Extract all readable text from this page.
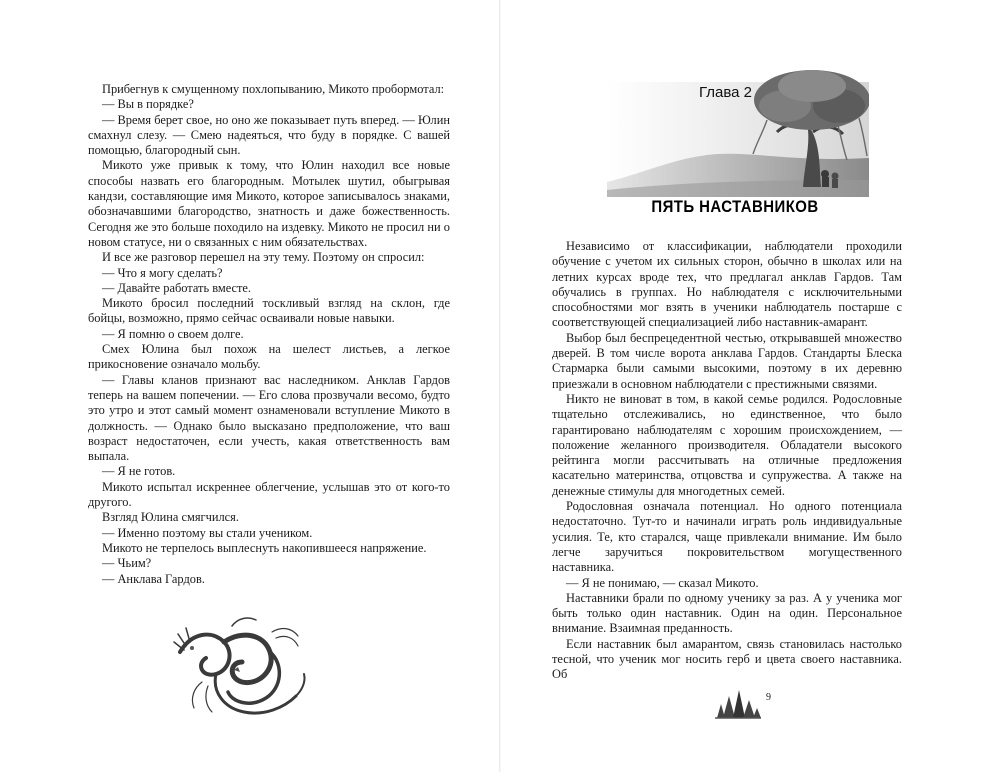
Прибегнув к смущенному похлопыванию, Микото пробормотал:

— Вы в порядке?

— Время берет свое, но оно же показывает путь вперед. — Юлин смахнул слезу. — Смею надеяться, что буду в порядке. С вашей помощью, благородный сын.

Микото уже привык к тому, что Юлин находил все новые способы назвать его благородным. Мотылек шутил, обыгрывая кандзи, составляющие имя Микото, которое записывалось знаками, обозначавшими благородство, знатность и даже божественность. Сегодня же это больше походило на издевку. Микото не просил ни о новом статусе, ни о связанных с ним обязательствах.

И все же разговор перешел на эту тему. Поэтому он спросил:

— Что я могу сделать?

— Давайте работать вместе.

Микото бросил последний тоскливый взгляд на склон, где бойцы, возможно, прямо сейчас осваивали новые навыки.

— Я помню о своем долге.

Смех Юлина был похож на шелест листьев, а легкое прикосновение означало мольбу.

— Главы кланов признают вас наследником. Анклав Гардов теперь на вашем попечении. — Его слова прозвучали весомо, будто это утро и этот самый момент ознаменовали вступление Микото в должность. — Однако было высказано предположение, что ваш возраст недостаточен, если учесть, какая ответственность вам выпала.

— Я не готов.

Микото испытал искреннее облегчение, услышав это от кого-то другого.

Взгляд Юлина смягчился.

— Именно поэтому вы стали учеником.

Микото не терпелось выплеснуть накопившееся напряжение.

— Чьим?

— Анклава Гардов.

Глава 2
ПЯТЬ НАСТАВНИКОВ

Независимо от классификации, наблюдатели проходили обучение с учетом их сильных сторон, обычно в школах или на летних курсах вроде тех, что предлагал анклав Гардов. Там обучались в группах. Но наблюдателя с исключительными способностями мог взять в ученики наблюдатель постарше с соответствующей специализацией либо наставник-амарант.

Выбор был беспрецедентной честью, открывавшей множество дверей. В том числе ворота анклава Гардов. Стандарты Блеска Стармарка были самыми высокими, поэтому в их деревню приезжали в основном наблюдатели с престижными связями.

Никто не виноват в том, в какой семье родился. Родословные тщательно отслеживались, но единственное, что было гарантировано наблюдателям с хорошим происхождением, — положение желанного производителя. Обладатели высокого рейтинга могли рассчитывать на отличные предложения касательно материнства, отцовства и супружества. А также на денежные стимулы для многодетных семей.

Родословная означала потенциал. Но одного потенциала недостаточно. Тут-то и начинали играть роль индивидуальные усилия. Те, кто старался, чаще привлекали внимание. Им было легче заручиться покровительством могущественного наставника.

— Я не понимаю, — сказал Микото.

Наставники брали по одному ученику за раз. А у ученика мог быть только один наставник. Один на один. Персональное внимание. Взаимная преданность.

Если наставник был амарантом, связь становилась настолько тесной, что ученик мог носить герб и цвета своего наставника. Об

9
